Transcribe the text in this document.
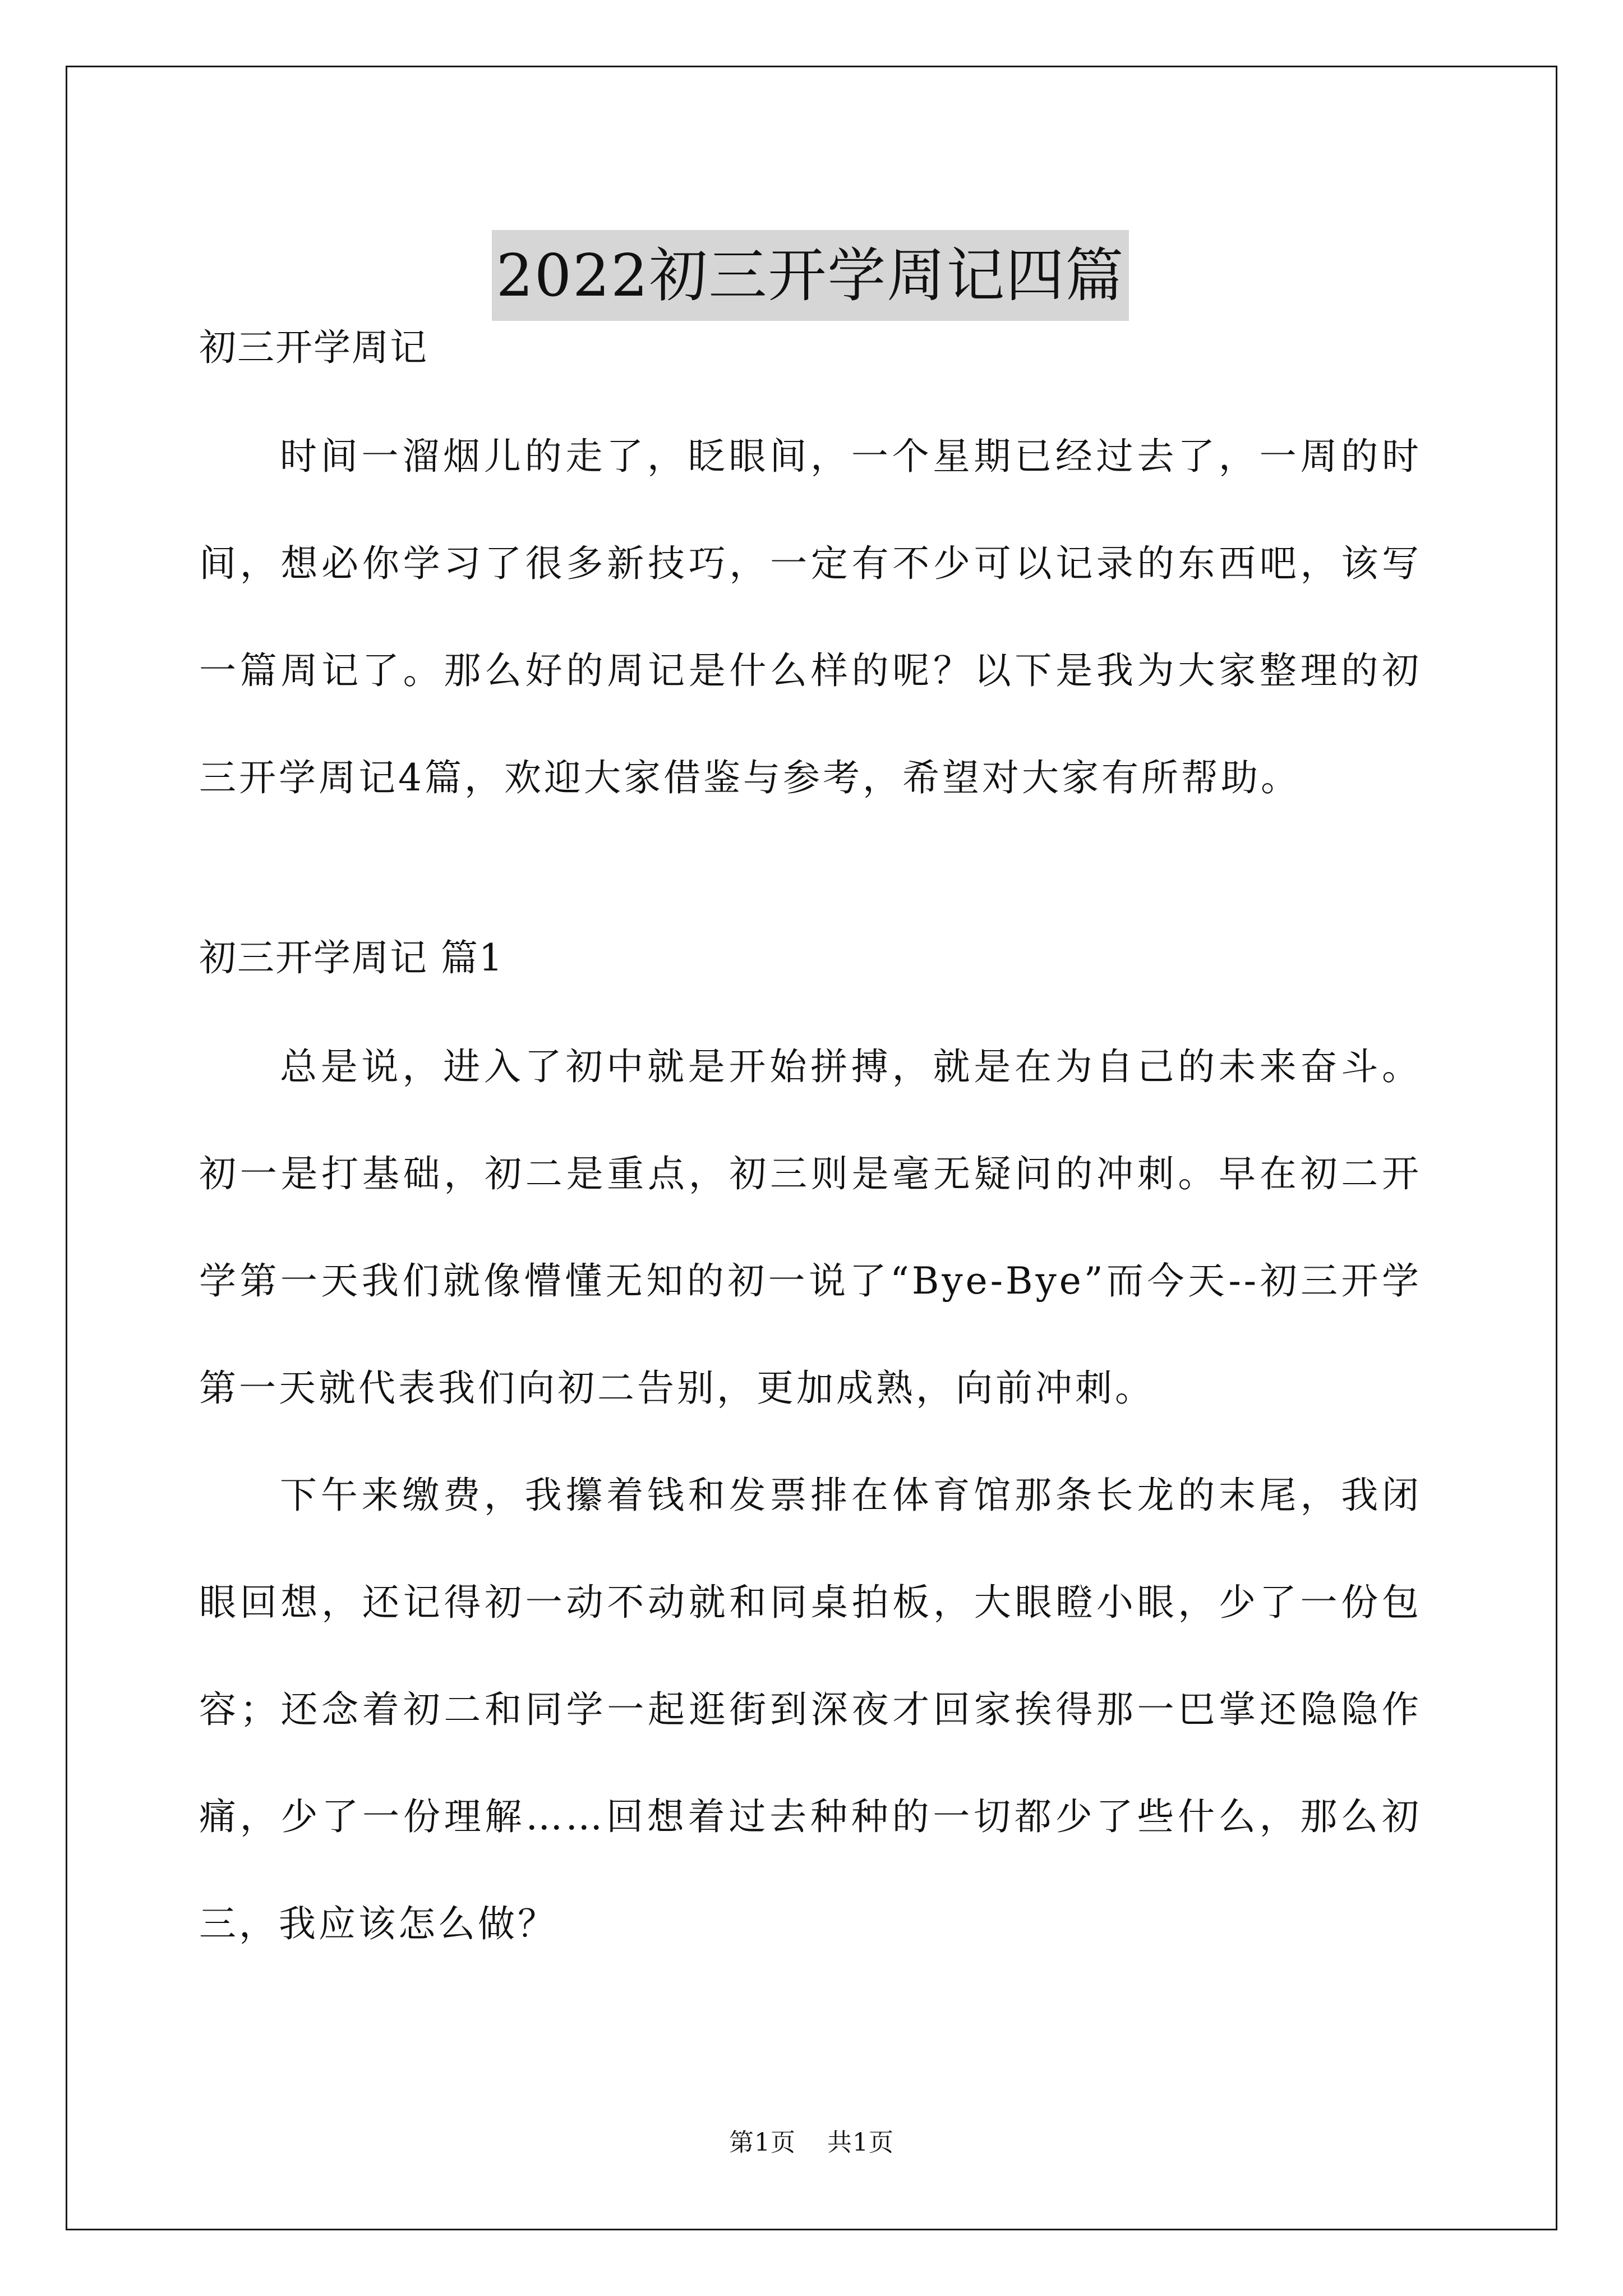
2022初三开学周记四篇

初三开学周记

时间一溜烟儿的走了，眨眼间，一个星期已经过去了，一周的时间，想必你学习了很多新技巧，一定有不少可以记录的东西吧，该写一篇周记了。那么好的周记是什么样的呢？以下是我为大家整理的初三开学周记4篇，欢迎大家借鉴与参考，希望对大家有所帮助。

初三开学周记 篇1

总是说，进入了初中就是开始拼搏，就是在为自己的未来奋斗。初一是打基础，初二是重点，初三则是毫无疑问的冲刺。早在初二开学第一天我们就像懵懂无知的初一说了“Bye-Bye”而今天--初三开学第一天就代表我们向初二告别，更加成熟，向前冲刺。

下午来缴费，我攥着钱和发票排在体育馆那条长龙的末尾，我闭眼回想，还记得初一动不动就和同桌拍板，大眼瞪小眼，少了一份包容；还念着初二和同学一起逛街到深夜才回家挨得那一巴掌还隐隐作痛，少了一份理解……回想着过去种种的一切都少了些什么，那么初三，我应该怎么做？

第1页 共1页
